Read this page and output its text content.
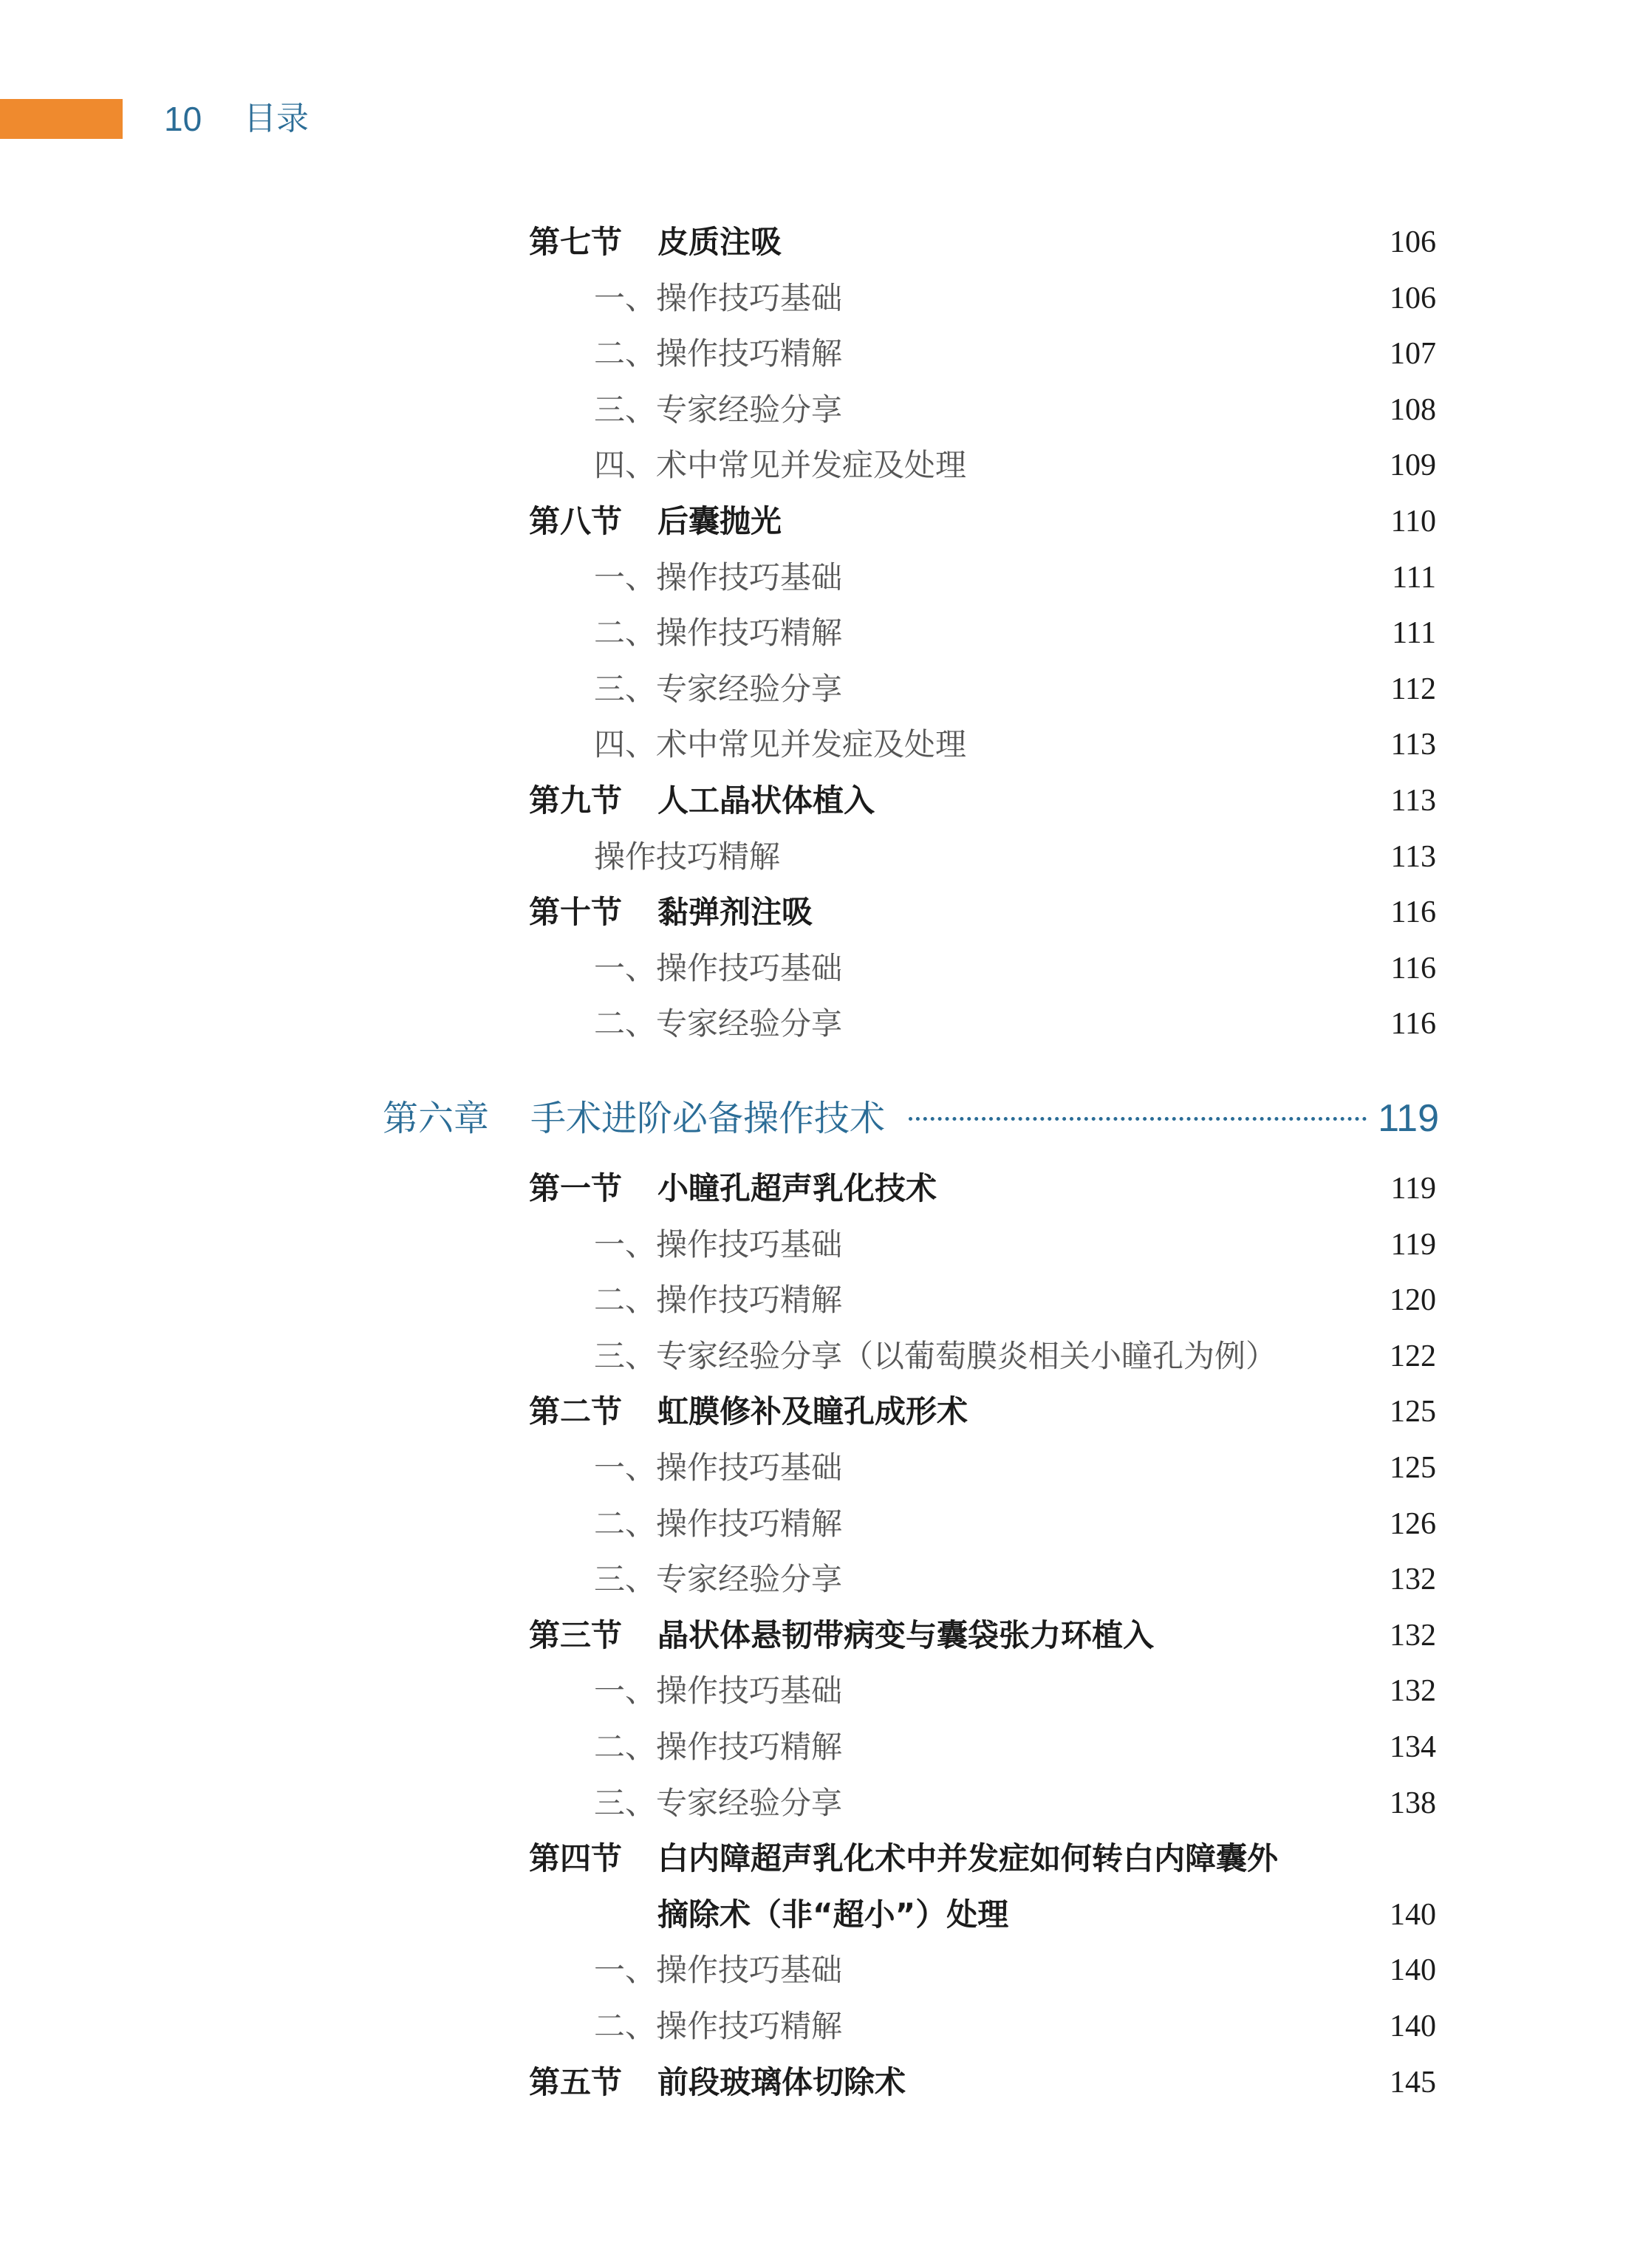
10 目录
第七节 皮质注吸	106
一、操作技巧基础	106
二、操作技巧精解	107
三、专家经验分享	108
四、术中常见并发症及处理	109
第八节 后囊抛光	110
一、操作技巧基础	111
二、操作技巧精解	111
三、专家经验分享	112
四、术中常见并发症及处理	113
第九节 人工晶状体植入	113
操作技巧精解	113
第十节 黏弹剂注吸	116
一、操作技巧基础	116
二、专家经验分享	116
第六章 手术进阶必备操作技术	119
第一节 小瞳孔超声乳化技术	119
一、操作技巧基础	119
二、操作技巧精解	120
三、专家经验分享（以葡萄膜炎相关小瞳孔为例）	122
第二节 虹膜修补及瞳孔成形术	125
一、操作技巧基础	125
二、操作技巧精解	126
三、专家经验分享	132
第三节 晶状体悬韧带病变与囊袋张力环植入	132
一、操作技巧基础	132
二、操作技巧精解	134
三、专家经验分享	138
第四节 白内障超声乳化术中并发症如何转白内障囊外
摘除术（非“超小”）处理	140
一、操作技巧基础	140
二、操作技巧精解	140
第五节 前段玻璃体切除术	145
